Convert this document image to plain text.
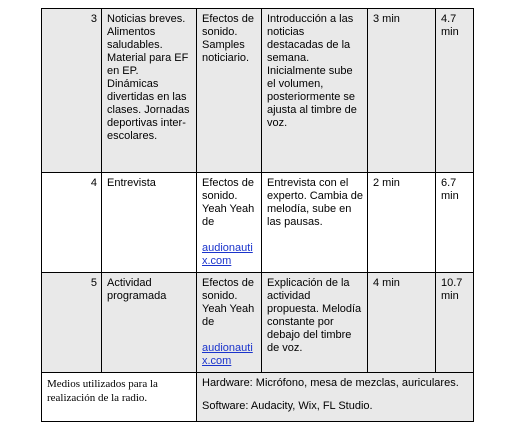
3	Noticias breves. Alimentos saludables. Material para EF en EP. Dinámicas divertidas en las clases. Jornadas deportivas inter-escolares.	Efectos de sonido. Samples noticiario.	Introducción a las noticias destacadas de la semana. Inicialmente sube el volumen, posteriormente se ajusta al timbre de voz.	3 min	4.7 min
4	Entrevista	Efectos de sonido. Yeah Yeah de
audionautix.com	Entrevista con el experto. Cambia de melodía, sube en las pausas.	2 min	6.7 min
5	Actividad programada	Efectos de sonido. Yeah Yeah de
audionautix.com	Explicación de la actividad propuesta. Melodía constante por debajo del timbre de voz.	4 min	10.7 min
Medios utilizados para la realización de la radio.		Hardware: Micrófono, mesa de mezclas, auriculares.
Software: Audacity, Wix, FL Studio.			
